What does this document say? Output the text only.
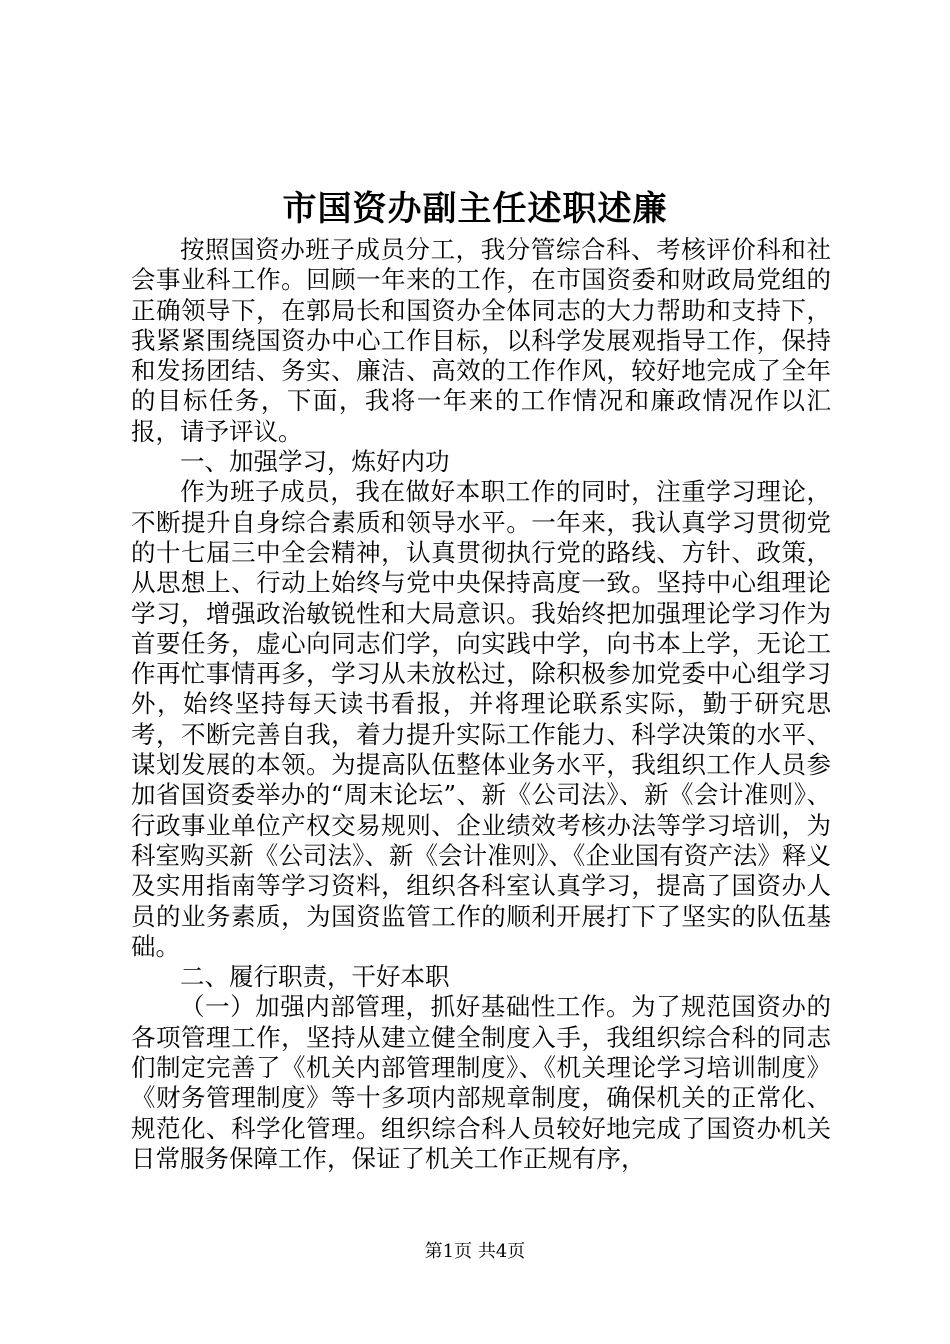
市国资办副主任述职述廉

按照国资办班子成员分工，我分管综合科、考核评价科和社会事业科工作。回顾一年来的工作，在市国资委和财政局党组的正确领导下，在郭局长和国资办全体同志的大力帮助和支持下，我紧紧围绕国资办中心工作目标，以科学发展观指导工作，保持和发扬团结、务实、廉洁、高效的工作作风，较好地完成了全年的目标任务，下面，我将一年来的工作情况和廉政情况作以汇报，请予评议。

一、加强学习，炼好内功

作为班子成员，我在做好本职工作的同时，注重学习理论，不断提升自身综合素质和领导水平。一年来，我认真学习贯彻党的十七届三中全会精神，认真贯彻执行党的路线、方针、政策，从思想上、行动上始终与党中央保持高度一致。坚持中心组理论学习，增强政治敏锐性和大局意识。我始终把加强理论学习作为首要任务，虚心向同志们学，向实践中学，向书本上学，无论工作再忙事情再多，学习从未放松过，除积极参加党委中心组学习外，始终坚持每天读书看报，并将理论联系实际，勤于研究思考，不断完善自我，着力提升实际工作能力、科学决策的水平、谋划发展的本领。为提高队伍整体业务水平，我组织工作人员参加省国资委举办的“周末论坛”、新《公司法》、新《会计准则》、行政事业单位产权交易规则、企业绩效考核办法等学习培训，为科室购买新《公司法》、新《会计准则》、《企业国有资产法》释义及实用指南等学习资料，组织各科室认真学习，提高了国资办人员的业务素质，为国资监管工作的顺利开展打下了坚实的队伍基础。

二、履行职责，干好本职

（一）加强内部管理，抓好基础性工作。为了规范国资办的各项管理工作，坚持从建立健全制度入手，我组织综合科的同志们制定完善了《机关内部管理制度》、《机关理论学习培训制度》《财务管理制度》等十多项内部规章制度，确保机关的正常化、规范化、科学化管理。组织综合科人员较好地完成了国资办机关日常服务保障工作，保证了机关工作正规有序，

第1页 共4页
